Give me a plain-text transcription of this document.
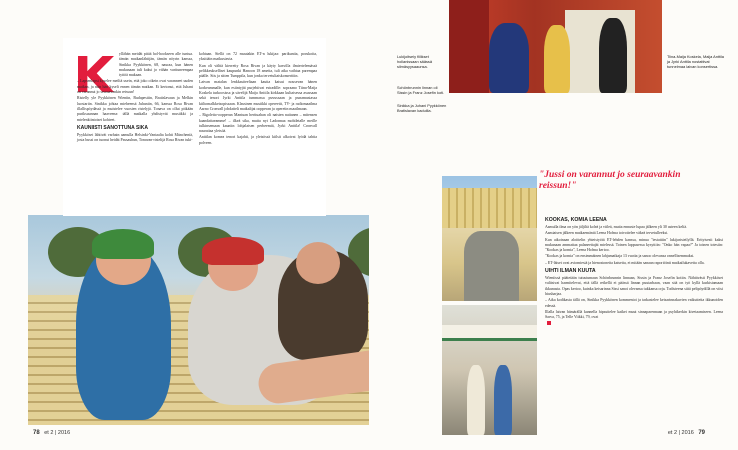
yllähän meidät pitää hol-hookseen alle tuntua. tämän matkanlähtijän, tämän nöyrin kanssa, Sinikka Pyykkönen, 68, nauraa, kun hänen mukanaan tuli kaksi jo vähän varttuneempaa tyttöä mukaan.

– Lapsenlapsi kyselee meiltä usein, että joko oikein ovat varanneet uuden matkan, ja niin hän kyseli ennen tämän matkan. Ei kertonut, että Juhani on varannut jo seuraavankin reissun!

Ristelly yle Pyykkönen Wieniin, Budapestiin, Bratislavaan ja Melkin luostariin. Sinikka johtaa mieheensä Juhaniin, 66, kanssa Rosa Rivan illallispöydässä ja muistelee vuosien ristelyjä. Tonava on ollut pitkään puriksuunnan haaveena: tällä matkalla yhdistyvät musiikki ja mielenkiintoiset kohteet.

KAUNIISTI SANOTTUNA SIKA

Pyykköset lähtivät varhain aamulla Helsinki-Vantaalta kohti Müncheniä, josta bussi on tuonut heidät Passauhun, Tonavan-ristelijä Rosa Rivan tuki-

kohtaan. Siellä on 72 muutakin ET-n lukijaa: parikuntia, porukoita, yksittäin matkustavia.

Kun oli välttä kierretty Rosa Rivan ja käyty kasvilla ilmiertelemässä pelikkeukselliset kaupunki Hanoon 18 ametta, tuli aika vaihtaa parempaa päälle. Siis ja sitten Tumppila, kun jonka tervetuliaiskonserttiin.

Laivan matalan lenkkasiteeltaan kautta katsui nousevan hänen korkeammalle, kun esiintyjät purjehtivat estradille: sopraano Tiina-Maija Koskela turkoosissa ja sävelijä Maija Anttila kirkkaan kultaisessa asussaan sekä tenori Jyrki Anttila tummassa puvussaan ja punamustassa kiiltomalkkeisopissaan. Klassinen musiikki opereetit, TV- ja radiomaailma Aarno Cronvall johdatteli matkalijat oopperan ja operetin maailmaan.

– Rigoletto-oopperan Mantuan herttuahan oli naisten naitanen – mitensen kaandattaeamme! – ilkeä sika, mutta nyt Ladonnaa mobiletalle meille tulkinsemaan kauniin lohjalaisen perheemiä, Jyrki Anttila! Cronvall naurattaa yleisöä.

Anttilan komea tenori kajahti, ja yleisössä kiilsit alkoivat lyödä tahtia polveen.

78 et 2 | 2016
Lukijoitseiy fiilikset hollanissaan säässä silmäsyysaaunsa.
Schönbrunnin linnan oli Sissin ja Franz Josefin koti.
Sinikka ja Juhani Pyykkönen Bratislavan kaduilla.
Tiina-Maija Koskela, Maija Anttila ja Jyrki Anttila nostattivat tunnelmaa laivan konsertissa.
"Jussi on varannut jo seuraavankin reissun!"
KOOKAS, KOMIA LEENA

Aamulla ilma on yön jäljiltä koleä ja viileä, mutta ennuste lupaa jälkeen yli 30 asteen keliä.

Aamiaisen jälkeen matkaemäntä Leena Hofma toivottelee väkeä tervetulleeksi.

Kun aikoinaan aloittelin yhteistyötä ET-lehden kanssa, minua "testattiin" lukijaristeilyllä. Erityisesti kaksi mukanaan ammattaa palaneettajät mielessä. Toinen lappusessa kysyttiin: "Onko hän vapaa?" Ja toinen totesiin: "Kookas ja komia", Leena Hofma kertoo.

"Kookas ja komia" on ensimmäinen lahjamatkaja 13 vuotta ja sanoo olevansa onnellisemmaksi.

– ET-läiset ovat aviomiesiä ja hienostoneita katsetta, ei mitään sanaan raportöinti matkailukavetta olla.

UIHTI ILMAN KUUTA

Wieniissä päätetään tutustumaan Schönbrunnin linnaan, Sissin ja Franz Josefin kotiin. Nähtävästi Pyykköset valitsivat harmitelevat, että tällä retkellä ei päässä linnan puutarhaan, vaan sitä on työ kyllä kurkistamaan ikkunasta. Opas kertoo, kuinka keisarinna Sissi sanoi olevansa tukkansa orja. Todisteena siitä pelipöydillä on viisi hiusharjaa.

– Aika kodikasta tällä on, Sinikka Pyykkönen kommentoi ja tarkastelee keisarinnakuvien vaikutteita ikkunoiden edessä.

Illalla laivan hämärällä kannella hipsuttelee kaikei muut sinnaparennaan ja psyhikerkin kivetaamiseen. Leena Sarva, 75, ja Telle Viikki, 79, ovat

et 2 | 2016 79
